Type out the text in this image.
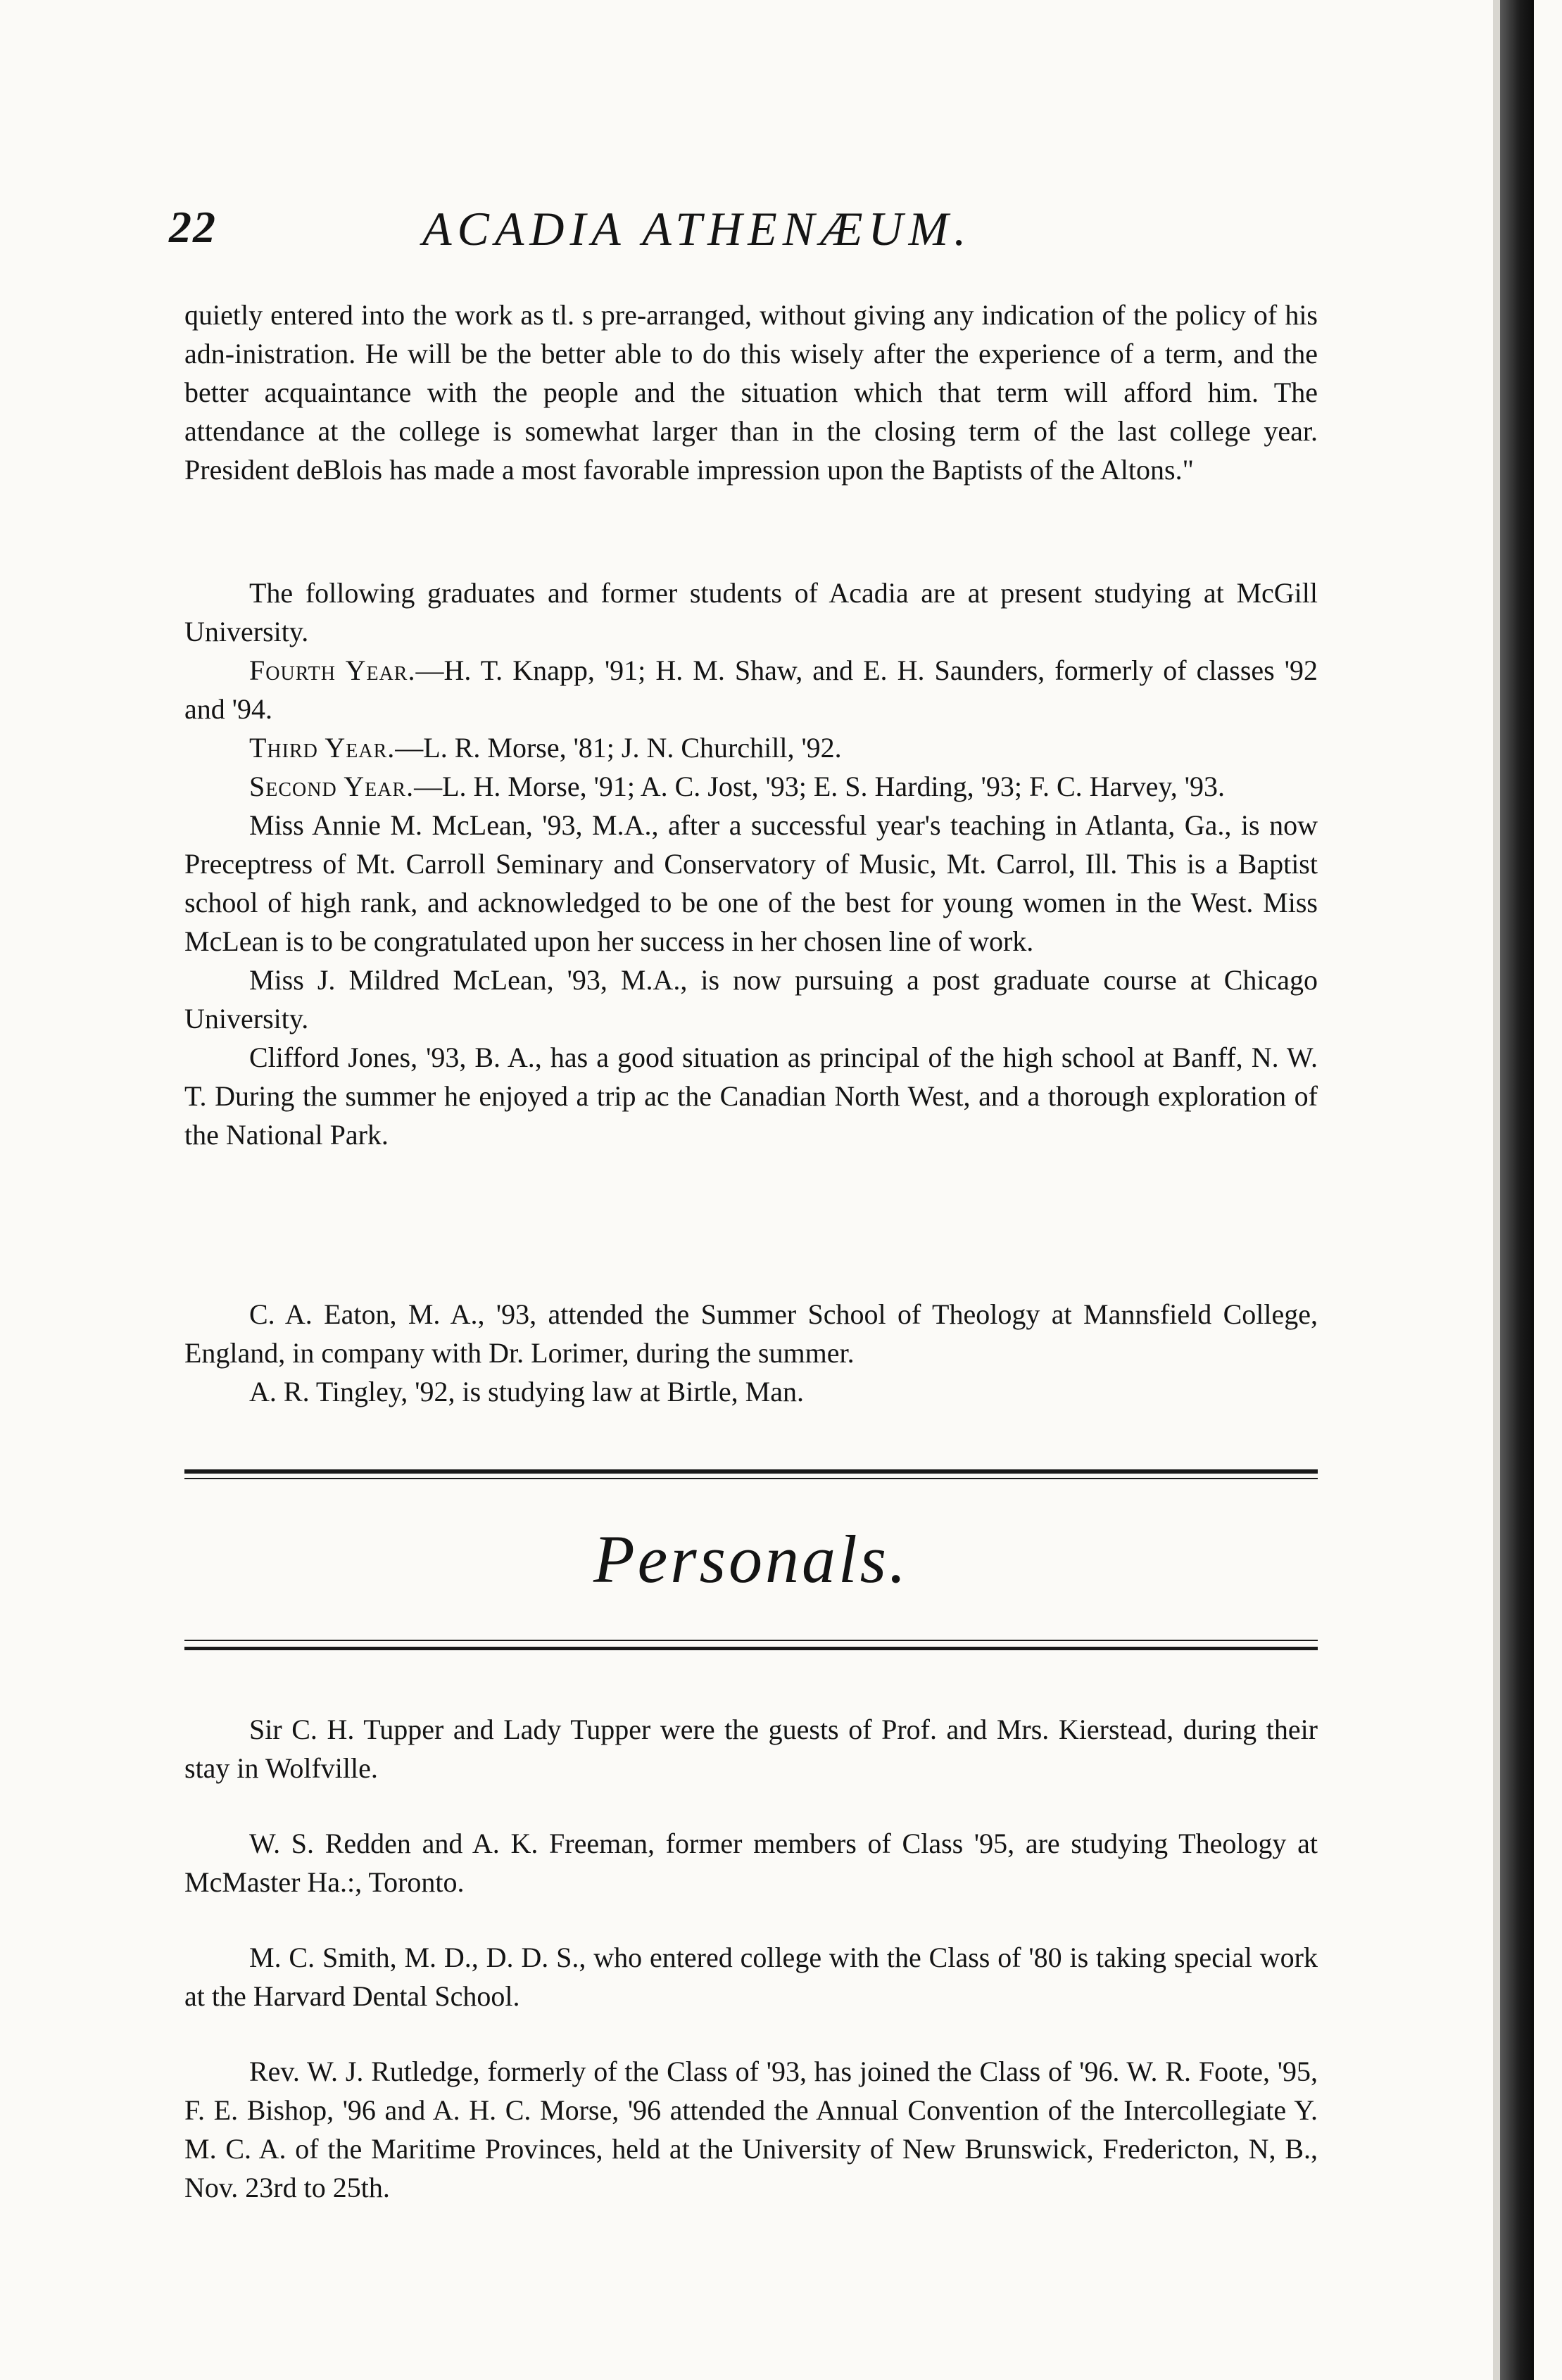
22	ACADIA ATHENÆUM.

quietly entered into the work as tl. s pre-arranged, without giving any indication of the policy of his adn-inistration. He will be the better able to do this wisely after the experience of a term, and the better acquaintance with the people and the situation which that term will afford him. The attendance at the college is somewhat larger than in the closing term of the last college year. President deBlois has made a most favorable impression upon the Baptists of the Altons."

The following graduates and former students of Acadia are at present studying at McGill University.

Fourth Year.—H. T. Knapp, '91; H. M. Shaw, and E. H. Saunders, formerly of classes '92 and '94.

Third Year.—L. R. Morse, '81; J. N. Churchill, '92.

Second Year.—L. H. Morse, '91; A. C. Jost, '93; E. S. Harding, '93; F. C. Harvey, '93.

Miss Annie M. McLean, '93, M.A., after a successful year's teaching in Atlanta, Ga., is now Preceptress of Mt. Carroll Seminary and Conservatory of Music, Mt. Carrol, Ill. This is a Baptist school of high rank, and acknowledged to be one of the best for young women in the West. Miss McLean is to be congratulated upon her success in her chosen line of work.

Miss J. Mildred McLean, '93, M.A., is now pursuing a post graduate course at Chicago University.

Clifford Jones, '93, B. A., has a good situation as principal of the high school at Banff, N. W. T. During the summer he enjoyed a trip ac the Canadian North West, and a thorough exploration of the National Park.

C. A. Eaton, M. A., '93, attended the Summer School of Theology at Mannsfield College, England, in company with Dr. Lorimer, during the summer.

A. R. Tingley, '92, is studying law at Birtle, Man.

Personals.

Sir C. H. Tupper and Lady Tupper were the guests of Prof. and Mrs. Kierstead, during their stay in Wolfville.

W. S. Redden and A. K. Freeman, former members of Class '95, are studying Theology at McMaster Ha.:, Toronto.

M. C. Smith, M. D., D. D. S., who entered college with the Class of '80 is taking special work at the Harvard Dental School.

Rev. W. J. Rutledge, formerly of the Class of '93, has joined the Class of '96. W. R. Foote, '95, F. E. Bishop, '96 and A. H. C. Morse, '96 attended the Annual Convention of the Intercollegiate Y. M. C. A. of the Maritime Provinces, held at the University of New Brunswick, Fredericton, N, B., Nov. 23rd to 25th.
